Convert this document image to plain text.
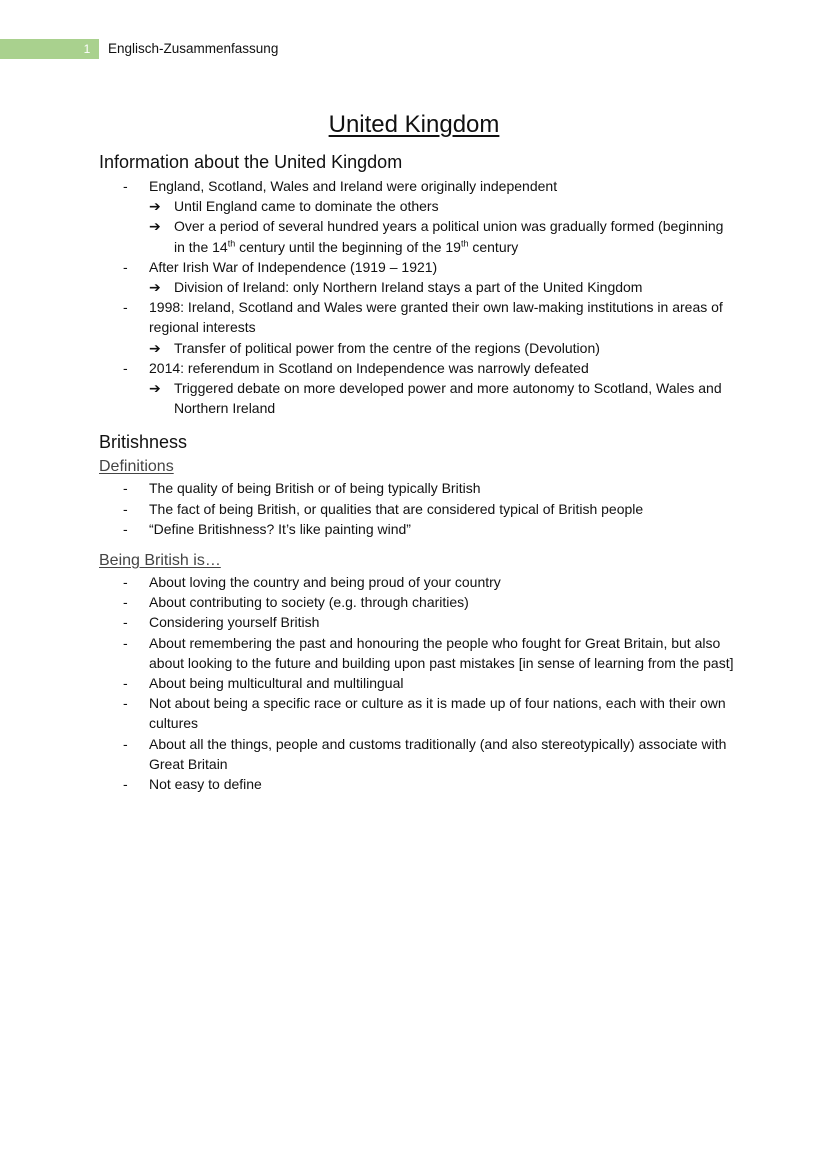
1 Englisch-Zusammenfassung
United Kingdom
Information about the United Kingdom
- England, Scotland, Wales and Ireland were originally independent
➔ Until England came to dominate the others
➔ Over a period of several hundred years a political union was gradually formed (beginning
in the 14th century until the beginning of the 19th century
- After Irish War of Independence (1919 – 1921)
➔ Division of Ireland: only Northern Ireland stays a part of the United Kingdom
- 1998: Ireland, Scotland and Wales were granted their own law-making institutions in areas of regional interests
➔ Transfer of political power from the centre of the regions (Devolution)
- 2014: referendum in Scotland on Independence was narrowly defeated
➔ Triggered debate on more developed power and more autonomy to Scotland, Wales and Northern Ireland
Britishness
Definitions
- The quality of being British or of being typically British
- The fact of being British, or qualities that are considered typical of British people
- “Define Britishness? It’s like painting wind”
Being British is…
- About loving the country and being proud of your country
- About contributing to society (e.g. through charities)
- Considering yourself British
- About remembering the past and honouring the people who fought for Great Britain, but also about looking to the future and building upon past mistakes [in sense of learning from the past]
- About being multicultural and multilingual
- Not about being a specific race or culture as it is made up of four nations, each with their own cultures
- About all the things, people and customs traditionally (and also stereotypically) associate with Great Britain
- Not easy to define
